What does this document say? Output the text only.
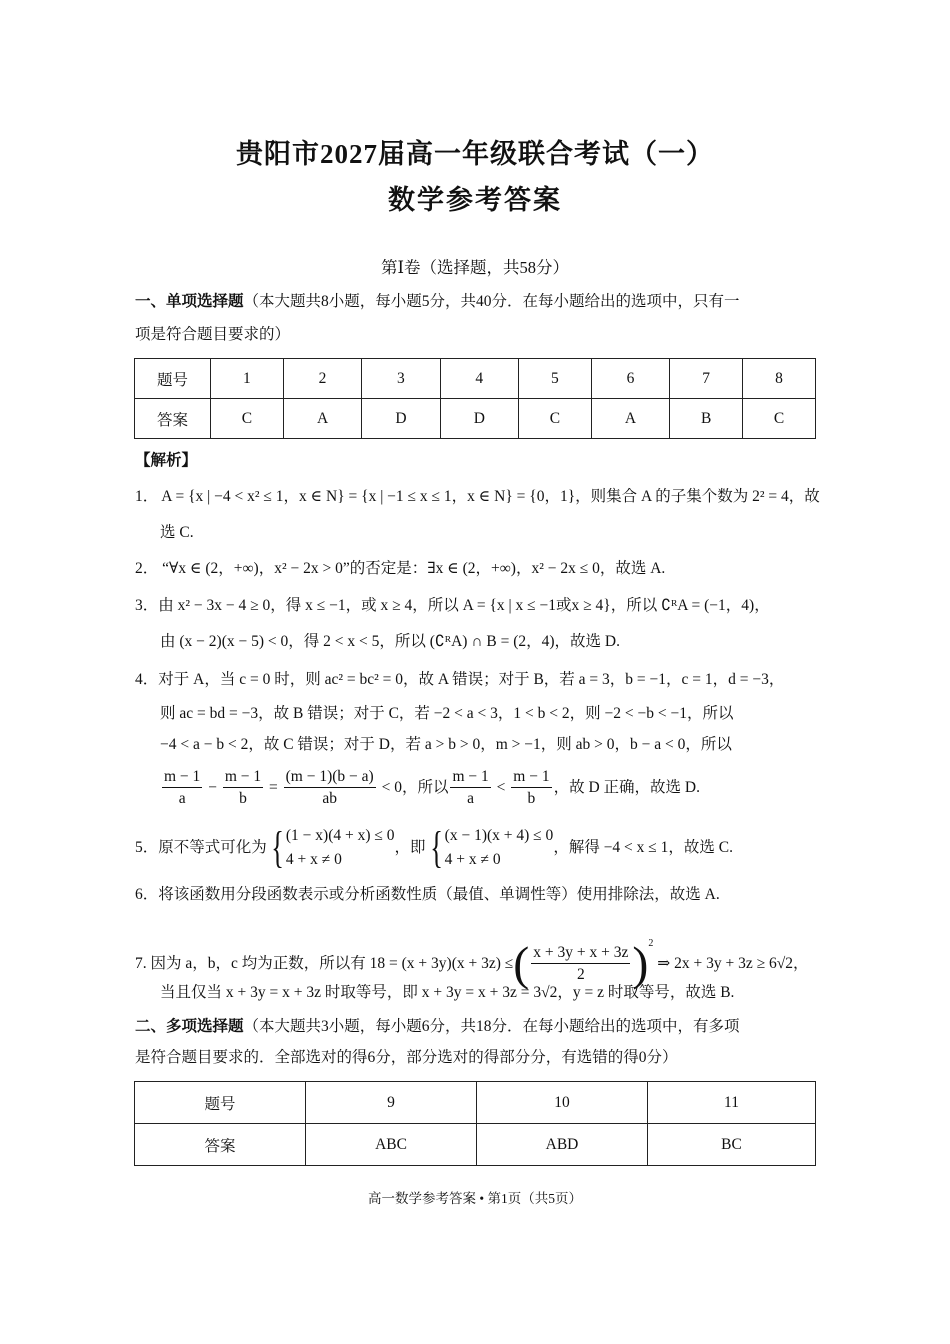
贵阳市2027届高一年级联合考试（一）
数学参考答案
第Ⅰ卷（选择题，共58分）
一、单项选择题（本大题共8小题，每小题5分，共40分．在每小题给出的选项中，只有一
项是符合题目要求的）
题号	1	2	3	4	5	6	7	8
答案	C	A	D	D	C	A	B	C
【解析】
1． A = {x | −4 < x² ≤ 1，x ∈ N} = {x | −1 ≤ x ≤ 1，x ∈ N} = {0，1}，则集合 A 的子集个数为 2² = 4，故
选 C.
2． “∀x ∈ (2，+∞)，x² − 2x > 0”的否定是：∃x ∈ (2，+∞)，x² − 2x ≤ 0，故选 A.
3．由 x² − 3x − 4 ≥ 0，得 x ≤ −1，或 x ≥ 4，所以 A = {x | x ≤ −1或x ≥ 4}，所以 ∁ᴿA = (−1，4)，
由 (x − 2)(x − 5) < 0，得 2 < x < 5，所以 (∁ᴿA) ∩ B = (2，4)，故选 D.
4．对于 A，当 c = 0 时，则 ac² = bc² = 0，故 A 错误；对于 B，若 a = 3，b = −1，c = 1，d = −3，
则 ac = bd = −3，故 B 错误；对于 C，若 −2 < a < 3，1 < b < 2，则 −2 < −b < −1，所以
−4 < a − b < 2，故 C 错误；对于 D，若 a > b > 0，m > −1，则 ab > 0，b − a < 0，所以
$\frac{m - 1}{a} - \frac{m - 1}{b} = \frac{(m - 1)(b - a)}{ab} < 0$，所以 $\frac{m - 1}{a} < \frac{m - 1}{b}$ ，故 D 正确，故选 D.
5．原不等式可化为 { (1 − x)(4 + x) ≤ 0
4 + x ≠ 0
，即 { (x − 1)(x + 4) ≤ 0
4 + x ≠ 0
，解得 −4 < x ≤ 1，故选 C.
6．将该函数用分段函数表示或分析函数性质（最值、单调性等）使用排除法，故选 A.
7. 因为 a，b，c 均为正数，所以有 18 = (x + 3y)(x + 3z) ≤( $\frac{x + 3y + x + 3z}{2} )^2$ ⇒ 2x + 3y + 3z ≥ 6√2，
当且仅当 x + 3y = x + 3z 时取等号，即 x + 3y = x + 3z = 3√2，y = z 时取等号，故选 B.
二、多项选择题（本大题共3小题，每小题6分，共18分．在每小题给出的选项中，有多项
是符合题目要求的．全部选对的得6分，部分选对的得部分分，有选错的得0分）
题号	9	10	11
答案	ABC	ABD	BC
高一数学参考答案 • 第1页（共5页）
